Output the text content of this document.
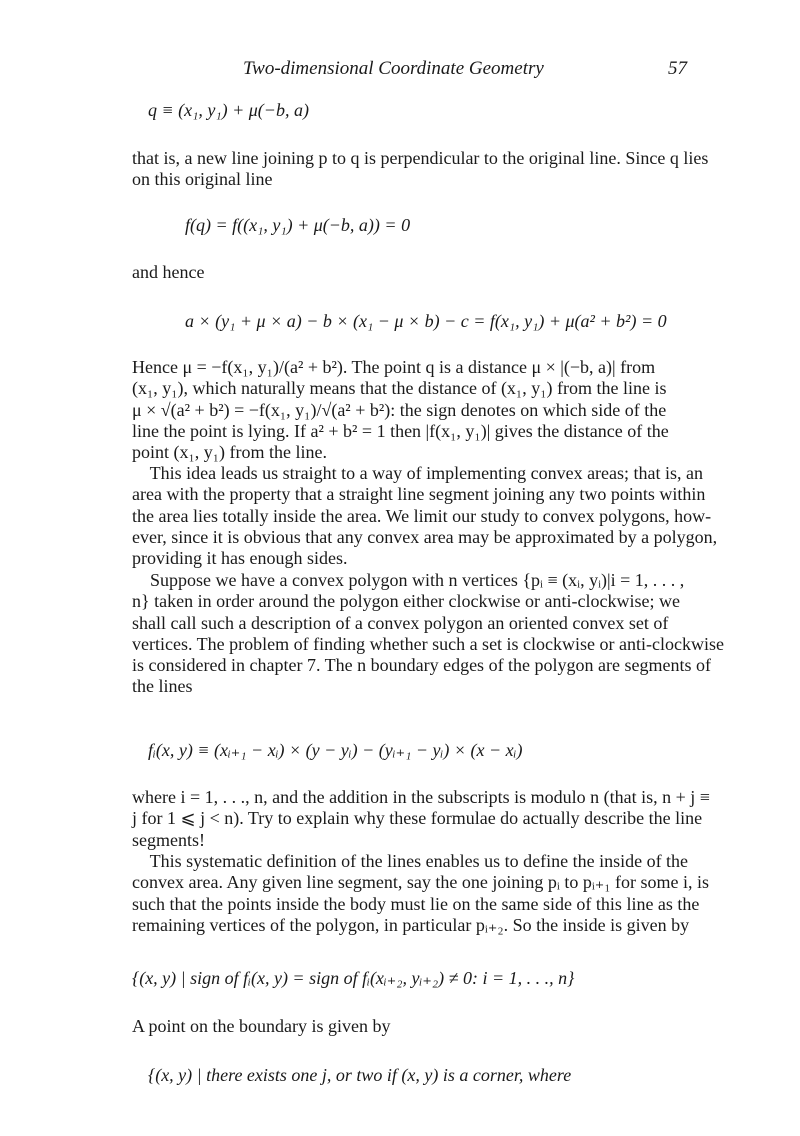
Two-dimensional Coordinate Geometry	57
q ≡ (x₁, y₁) + μ(−b, a)

that is, a new line joining p to q is perpendicular to the original line. Since q lies

on this original line

f(q) = f((x₁, y₁) + μ(−b, a)) = 0

and hence

a × (y₁ + μ × a) − b × (x₁ − μ × b) − c = f(x₁, y₁) + μ(a² + b²) = 0

Hence μ = −f(x₁, y₁)/(a² + b²). The point q is a distance μ × |(−b, a)| from

(x₁, y₁), which naturally means that the distance of (x₁, y₁) from the line is

μ × √(a² + b²) = −f(x₁, y₁)/√(a² + b²): the sign denotes on which side of the

line the point is lying. If a² + b² = 1 then |f(x₁, y₁)| gives the distance of the

point (x₁, y₁) from the line.

This idea leads us straight to a way of implementing convex areas; that is, an

area with the property that a straight line segment joining any two points within

the area lies totally inside the area. We limit our study to convex polygons, how-

ever, since it is obvious that any convex area may be approximated by a polygon,

providing it has enough sides.

Suppose we have a convex polygon with n vertices {pᵢ ≡ (xᵢ, yᵢ)|i = 1, . . . ,

n} taken in order around the polygon either clockwise or anti-clockwise; we

shall call such a description of a convex polygon an oriented convex set of

vertices. The problem of finding whether such a set is clockwise or anti-clockwise

is considered in chapter 7. The n boundary edges of the polygon are segments of

the lines

fᵢ(x, y) ≡ (xᵢ₊₁ − xᵢ) × (y − yᵢ) − (yᵢ₊₁ − yᵢ) × (x − xᵢ)

where i = 1, . . ., n, and the addition in the subscripts is modulo n (that is, n + j ≡

j for 1 ⩽ j < n). Try to explain why these formulae do actually describe the line

segments!

This systematic definition of the lines enables us to define the inside of the

convex area. Any given line segment, say the one joining pᵢ to pᵢ₊₁ for some i, is

such that the points inside the body must lie on the same side of this line as the

remaining vertices of the polygon, in particular pᵢ₊₂. So the inside is given by

{(x, y) | sign of fᵢ(x, y) = sign of fᵢ(xᵢ₊₂, yᵢ₊₂) ≠ 0: i = 1, . . ., n}

A point on the boundary is given by

{(x, y) | there exists one j, or two if (x, y) is a corner, where
